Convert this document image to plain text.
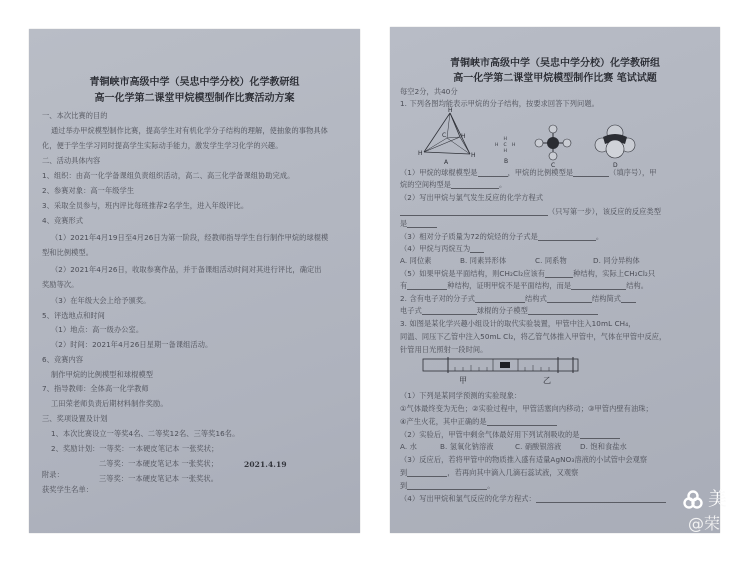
青铜峡市高级中学（吴忠中学分校）化学教研组
高一化学第二课堂甲烷模型制作比赛活动方案
一、本次比赛的目的
通过举办甲烷模型制作比赛，提高学生对有机化学分子结构的理解，使抽象的事物具体
化，便于学生学习同时提高学生实际动手能力，激发学生学习化学的兴趣。
二、活动具体内容
1、组织：由高一化学备课组负责组织活动，高二、高三化学备课组协助完成。
2、参赛对象：高一年级学生
3、采取全员参与，班内评比每班推荐2名学生，进入年级评比。
4、竞赛形式
（1）2021年4月19日至4月26日为第一阶段，经教师指导学生自行制作甲烷的球棍模
型和比例模型。
（2）2021年4月26日，收取参赛作品，并于备课组活动时间对其进行评比，确定出
奖励等次。
（3）在年级大会上给予颁奖。
5、评选地点和时间
（1）地点：高一级办公室。
（2）时间：2021年4月26日星期一备课组活动。
6、竞赛内容
制作甲烷的比例模型和球棍模型
7、指导教师：全体高一化学教师
工田荣老师负责后期材料制作奖励。
三、奖项设置及计划
1、本次比赛设立一等奖4名、二等奖12名、三等奖16名。
2、奖励计划：一等奖：一本硬皮笔记本 一张奖状；
二等奖：一本硬皮笔记本 一张奖状；
三等奖：一本硬皮笔记本 一张奖状。
2021.4.19
附录：
获奖学生名单：
青铜峡市高级中学（吴忠中学分校）化学教研组
高一化学第二课堂甲烷模型制作比赛 笔试试题
每空2分，共40分
1. 下列各图均能表示甲烷的分子结构，按要求回答下列问题。
H
H	H
H
C
A
H
H C H
H
B
C	D
（1）甲烷的球棍模型是	，甲烷的比例模型是	（填序号），甲
烷的空间构型是	。
（2）写出甲烷与氯气发生反应的化学方程式
（只写第一步），该反应的反应类型
是
（3）相对分子质量为72的烷烃的分子式是	。
（4）甲烷与丙烷互为
A. 同位素	B. 同素异形体	C. 同系物	D. 同分异构体
（5）如果甲烷是平面结构，则CH₂Cl₂应该有	种结构，实际上CH₂Cl₂只
有	种结构，证明甲烷不是平面结构，而是	结构。
2. 含有电子对的分子式	结构式	结构简式
电子式	球棍的分子模型
3. 如图是某化学兴趣小组设计的取代实验装置，甲管中注入10mL CH₄，
同温、同压下乙管中注入50mL Cl₂，将乙管气体推入甲管中，气体在甲管中反应，
针管用日光照射一段时间。
甲	乙
（1）下列是某同学预测的实验现象：
①气体最终变为无色；②实验过程中，甲管活塞向内移动；③甲管内壁有油珠；
④产生火花，其中正确的是
（2）实验后，甲管中剩余气体最好用下列试剂吸收的是
A. 水	B. 氢氧化钠溶液	C. 硝酸银溶液	D. 饱和食盐水
（3）反应后，若将甲管中的物质推入盛有适量AgNO₃溶液的小试管中会观察
到	，若再向其中滴入几滴石蕊试液，又观察
到	。
（4）写出甲烷和氯气反应的化学方程式：	美
@荣
